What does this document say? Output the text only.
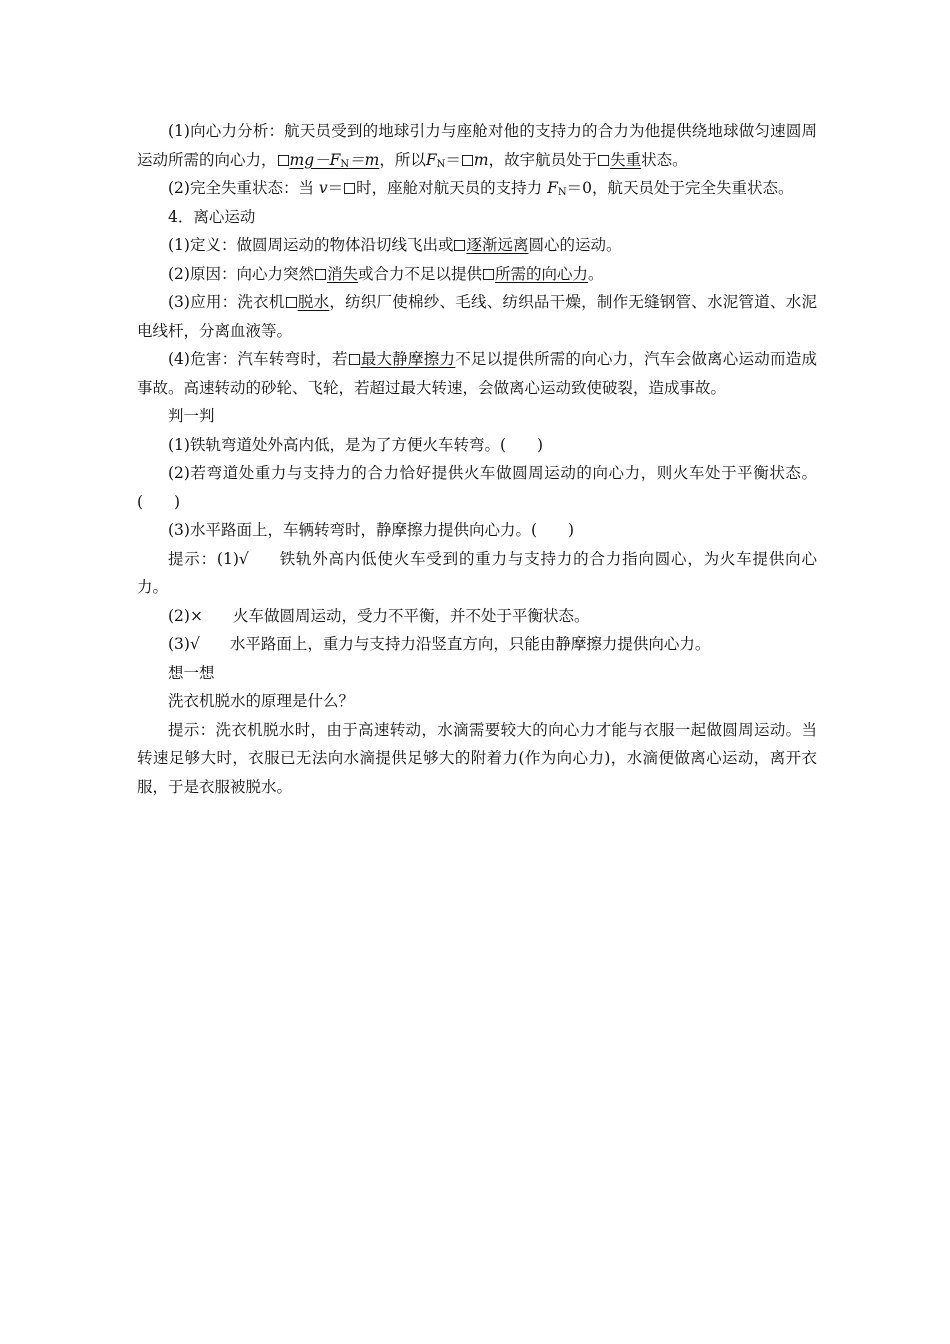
(1)向心力分析：航天员受到的地球引力与座舱对他的支持力的合力为他提供绕地球做匀速圆周运动所需的向心力， $mg-F_N=m$，所以$F_N= m$，故宇航员处于 失重状态。

(2)完全失重状态：当 v＝ 时，座舱对航天员的支持力 $F_N=0$，航天员处于完全失重状态。

4．离心运动

(1)定义：做圆周运动的物体沿切线飞出或 逐渐远离圆心的运动。

(2)原因：向心力突然 消失或合力不足以提供 所需的向心力。

(3)应用：洗衣机 脱水，纺织厂使棉纱、毛线、纺织品干燥，制作无缝钢管、水泥管道、水泥电线杆，分离血液等。

(4)危害：汽车转弯时，若 最大静摩擦力不足以提供所需的向心力，汽车会做离心运动而造成事故。高速转动的砂轮、飞轮，若超过最大转速，会做离心运动致使破裂，造成事故。

判一判

(1)铁轨弯道处外高内低，是为了方便火车转弯。(　　)

(2)若弯道处重力与支持力的合力恰好提供火车做圆周运动的向心力，则火车处于平衡状态。(　　)

(3)水平路面上，车辆转弯时，静摩擦力提供向心力。(　　)

提示：(1)√ 铁轨外高内低使火车受到的重力与支持力的合力指向圆心，为火车提供向心力。

(2)× 火车做圆周运动，受力不平衡，并不处于平衡状态。

(3)√ 水平路面上，重力与支持力沿竖直方向，只能由静摩擦力提供向心力。

想一想

洗衣机脱水的原理是什么？

提示：洗衣机脱水时，由于高速转动，水滴需要较大的向心力才能与衣服一起做圆周运动。当转速足够大时，衣服已无法向水滴提供足够大的附着力(作为向心力)，水滴便做离心运动，离开衣服，于是衣服被脱水。
